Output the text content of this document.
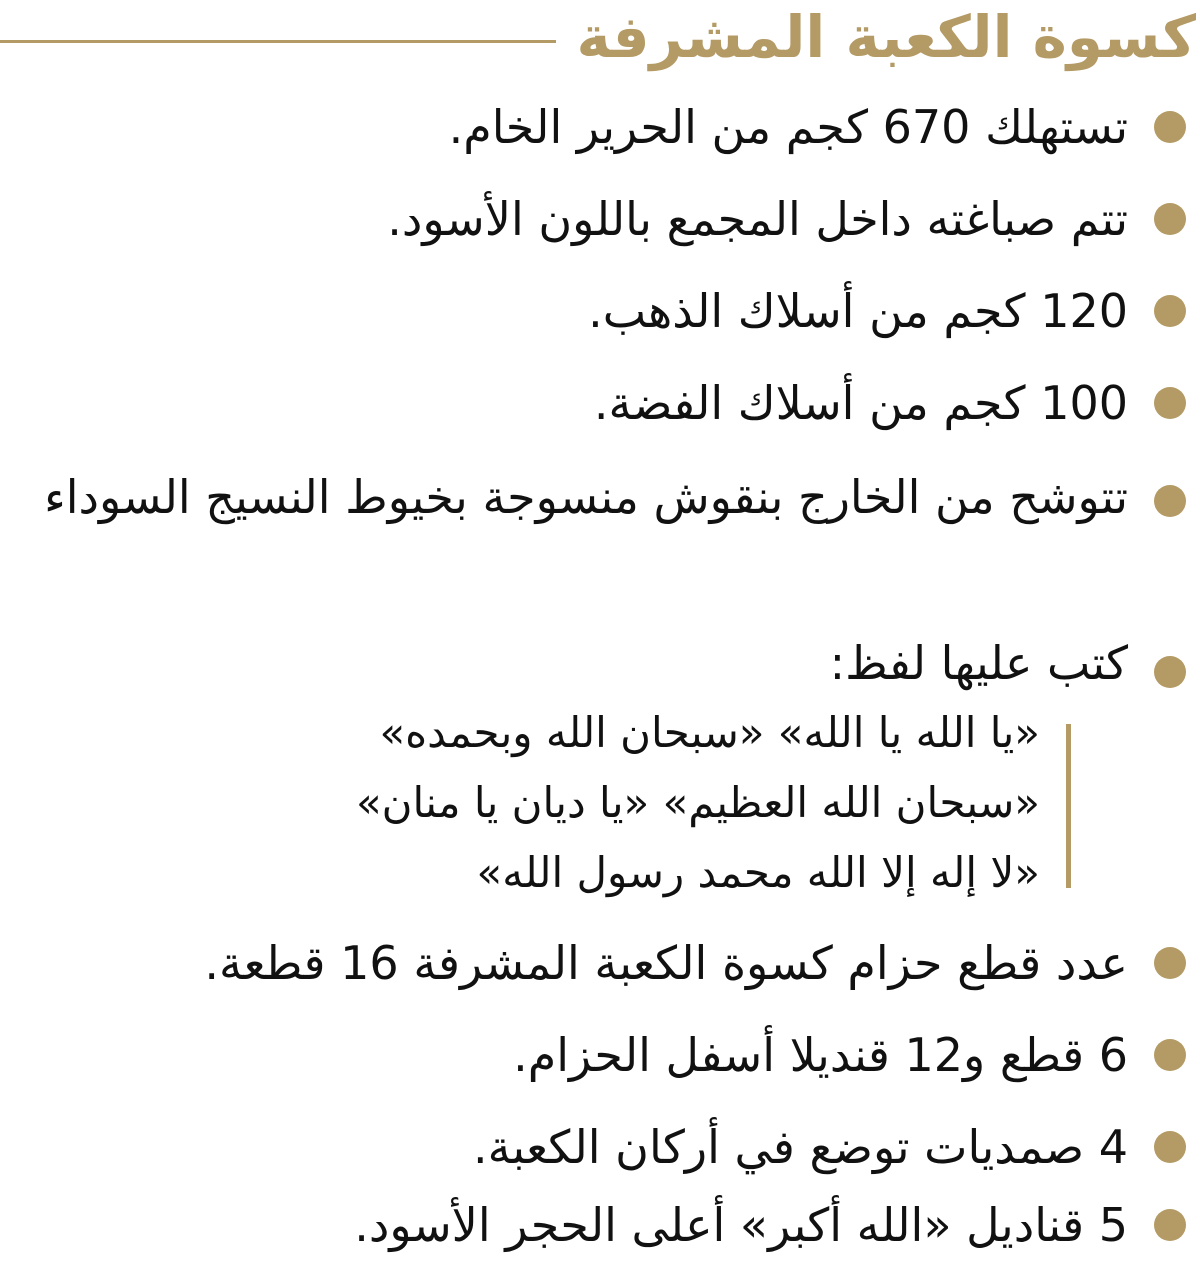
كسوة الكعبة المشرفة
تستهلك 670 كجم من الحرير الخام.
تتم صباغته داخل المجمع باللون الأسود.
120 كجم من أسلاك الذهب.
100 كجم من أسلاك الفضة.
تتوشح من الخارج بنقوش منسوجة بخيوط النسيج السوداء
كتب عليها لفظ:
«يا الله يا الله» «سبحان الله وبحمده»
«سبحان الله العظيم» «يا ديان يا منان»
«لا إله إلا الله محمد رسول الله»
عدد قطع حزام كسوة الكعبة المشرفة 16 قطعة.
6 قطع و12 قنديلا أسفل الحزام.
4 صمديات توضع في أركان الكعبة.
5 قناديل «الله أكبر» أعلى الحجر الأسود.
